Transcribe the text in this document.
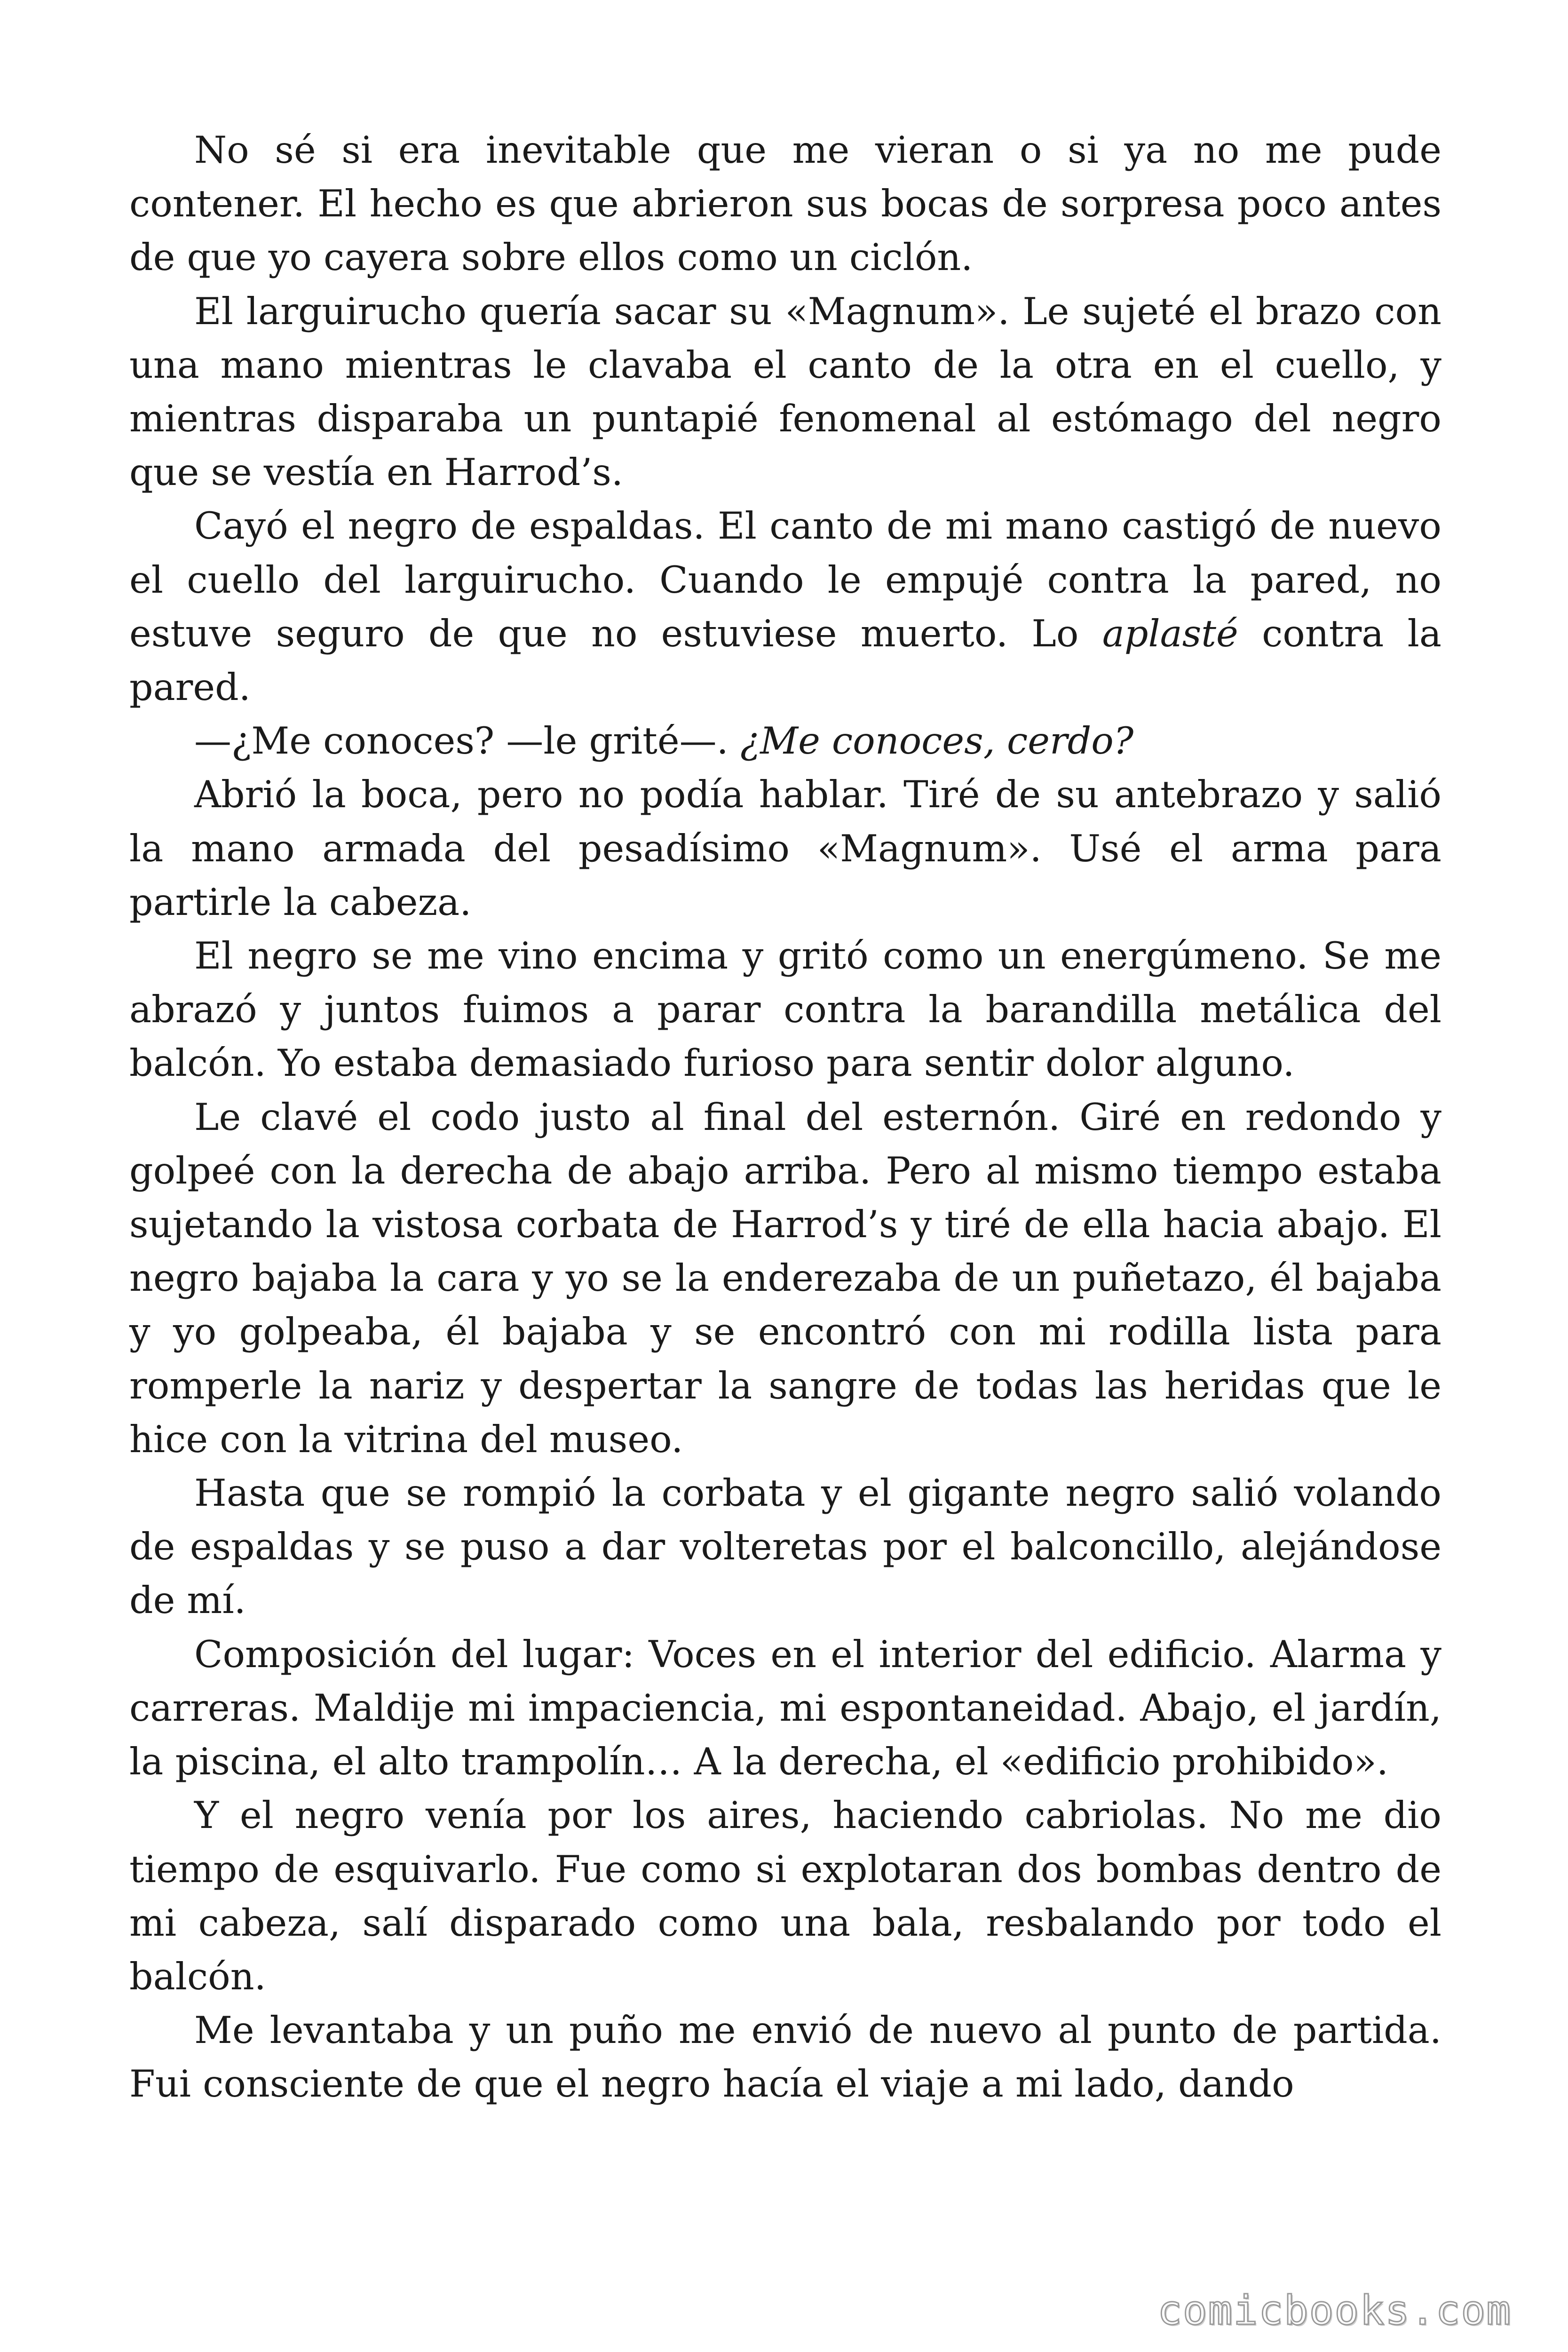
No sé si era inevitable que me vieran o si ya no me pude contener. El hecho es que abrieron sus bocas de sorpresa poco antes de que yo cayera sobre ellos como un ciclón.

El larguirucho quería sacar su «Magnum». Le sujeté el brazo con una mano mientras le clavaba el canto de la otra en el cuello, y mientras disparaba un puntapié fenomenal al estómago del negro que se vestía en Harrod’s.

Cayó el negro de espaldas. El canto de mi mano castigó de nuevo el cuello del larguirucho. Cuando le empujé contra la pared, no estuve seguro de que no estuviese muerto. Lo aplasté contra la pared.

—¿Me conoces? —le grité—. ¿Me conoces, cerdo?

Abrió la boca, pero no podía hablar. Tiré de su antebrazo y salió la mano armada del pesadísimo «Magnum». Usé el arma para partirle la cabeza.

El negro se me vino encima y gritó como un energúmeno. Se me abrazó y juntos fuimos a parar contra la barandilla metálica del balcón. Yo estaba demasiado furioso para sentir dolor alguno.

Le clavé el codo justo al final del esternón. Giré en redondo y golpeé con la derecha de abajo arriba. Pero al mismo tiempo estaba sujetando la vistosa corbata de Harrod’s y tiré de ella hacia abajo. El negro bajaba la cara y yo se la enderezaba de un puñetazo, él bajaba y yo golpeaba, él bajaba y se encontró con mi rodilla lista para romperle la nariz y despertar la sangre de todas las heridas que le hice con la vitrina del museo.

Hasta que se rompió la corbata y el gigante negro salió volando de espaldas y se puso a dar volteretas por el balconcillo, alejándose de mí.

Composición del lugar: Voces en el interior del edificio. Alarma y carreras. Maldije mi impaciencia, mi espontaneidad. Abajo, el jardín, la piscina, el alto trampolín… A la derecha, el «edificio prohibido».

Y el negro venía por los aires, haciendo cabriolas. No me dio tiempo de esquivarlo. Fue como si explotaran dos bombas dentro de mi cabeza, salí disparado como una bala, resbalando por todo el balcón.

Me levantaba y un puño me envió de nuevo al punto de partida. Fui consciente de que el negro hacía el viaje a mi lado, dando

comicbooks.com
